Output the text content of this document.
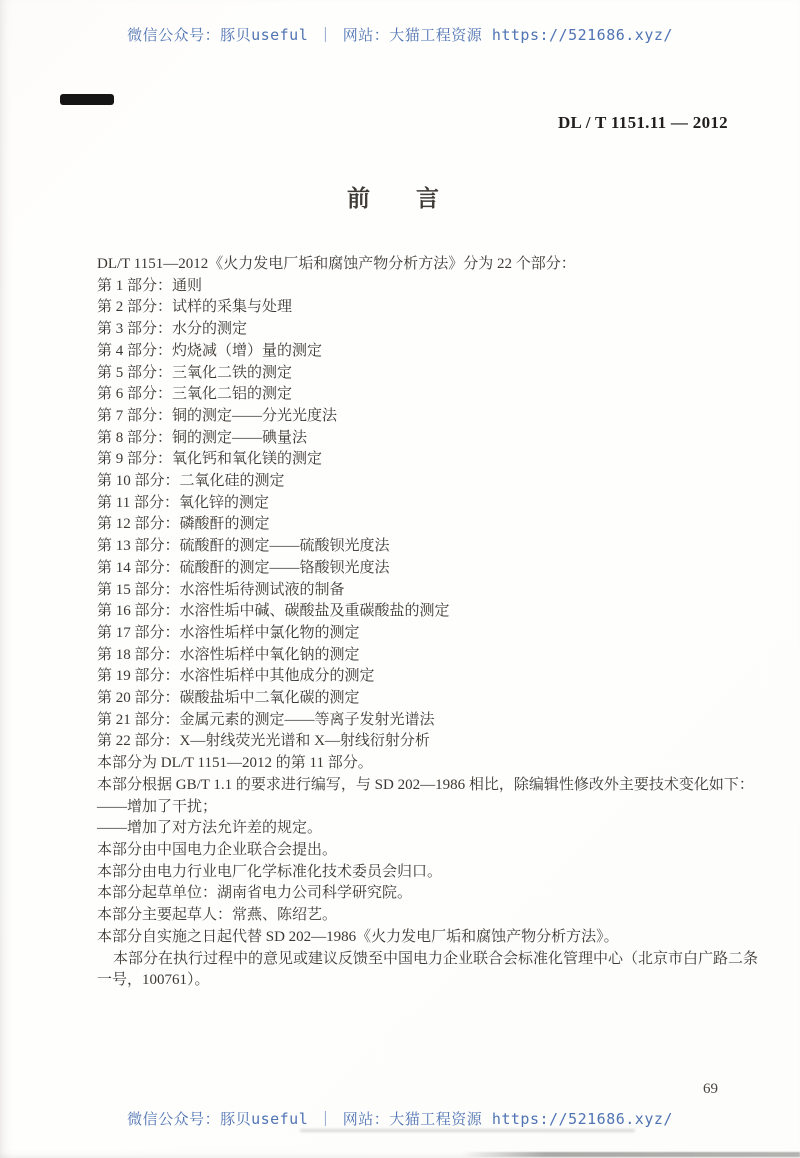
微信公众号：豚贝useful ｜ 网站：大猫工程资源 https://521686.xyz/
DL / T 1151.11 — 2012
前　　言

DL/T 1151—2012《火力发电厂垢和腐蚀产物分析方法》分为 22 个部分：

第 1 部分：通则

第 2 部分：试样的采集与处理

第 3 部分：水分的测定

第 4 部分：灼烧减（增）量的测定

第 5 部分：三氧化二铁的测定

第 6 部分：三氧化二铝的测定

第 7 部分：铜的测定——分光光度法

第 8 部分：铜的测定——碘量法

第 9 部分：氧化钙和氧化镁的测定

第 10 部分：二氧化硅的测定

第 11 部分：氧化锌的测定

第 12 部分：磷酸酐的测定

第 13 部分：硫酸酐的测定——硫酸钡光度法

第 14 部分：硫酸酐的测定——铬酸钡光度法

第 15 部分：水溶性垢待测试液的制备

第 16 部分：水溶性垢中碱、碳酸盐及重碳酸盐的测定

第 17 部分：水溶性垢样中氯化物的测定

第 18 部分：水溶性垢样中氧化钠的测定

第 19 部分：水溶性垢样中其他成分的测定

第 20 部分：碳酸盐垢中二氧化碳的测定

第 21 部分：金属元素的测定——等离子发射光谱法

第 22 部分：X—射线荧光光谱和 X—射线衍射分析

本部分为 DL/T 1151—2012 的第 11 部分。

本部分根据 GB/T 1.1 的要求进行编写，与 SD 202—1986 相比，除编辑性修改外主要技术变化如下：

——增加了干扰；

——增加了对方法允许差的规定。

本部分由中国电力企业联合会提出。

本部分由电力行业电厂化学标准化技术委员会归口。

本部分起草单位：湖南省电力公司科学研究院。

本部分主要起草人：常燕、陈绍艺。

本部分自实施之日起代替 SD 202—1986《火力发电厂垢和腐蚀产物分析方法》。

本部分在执行过程中的意见或建议反馈至中国电力企业联合会标准化管理中心（北京市白广路二条

一号，100761）。

69
微信公众号：豚贝useful ｜ 网站：大猫工程资源 https://521686.xyz/
